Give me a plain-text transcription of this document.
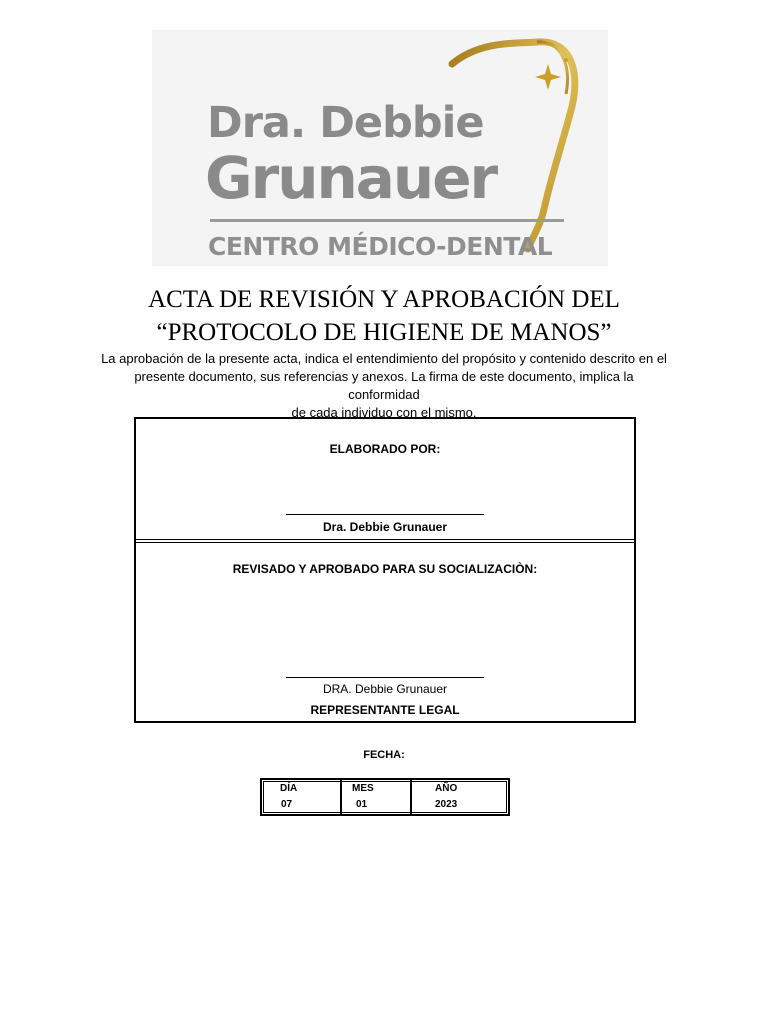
Dra. Debbie
Grunauer
CENTRO MÉDICO-DENTAL
ACTA DE REVISIÓN Y APROBACIÓN DEL
“PROTOCOLO DE HIGIENE DE MANOS”

La aprobación de la presente acta, indica el entendimiento del propósito y contenido descrito en el
presente documento, sus referencias y anexos. La firma de este documento, implica la conformidad
de cada individuo con el mismo.

ELABORADO POR:
Dra. Debbie Grunauer
REVISADO Y APROBADO PARA SU SOCIALIZACIÒN:
DRA. Debbie Grunauer
REPRESENTANTE LEGAL
FECHA:
DÍA	MES	AÑO
07	01	2023
